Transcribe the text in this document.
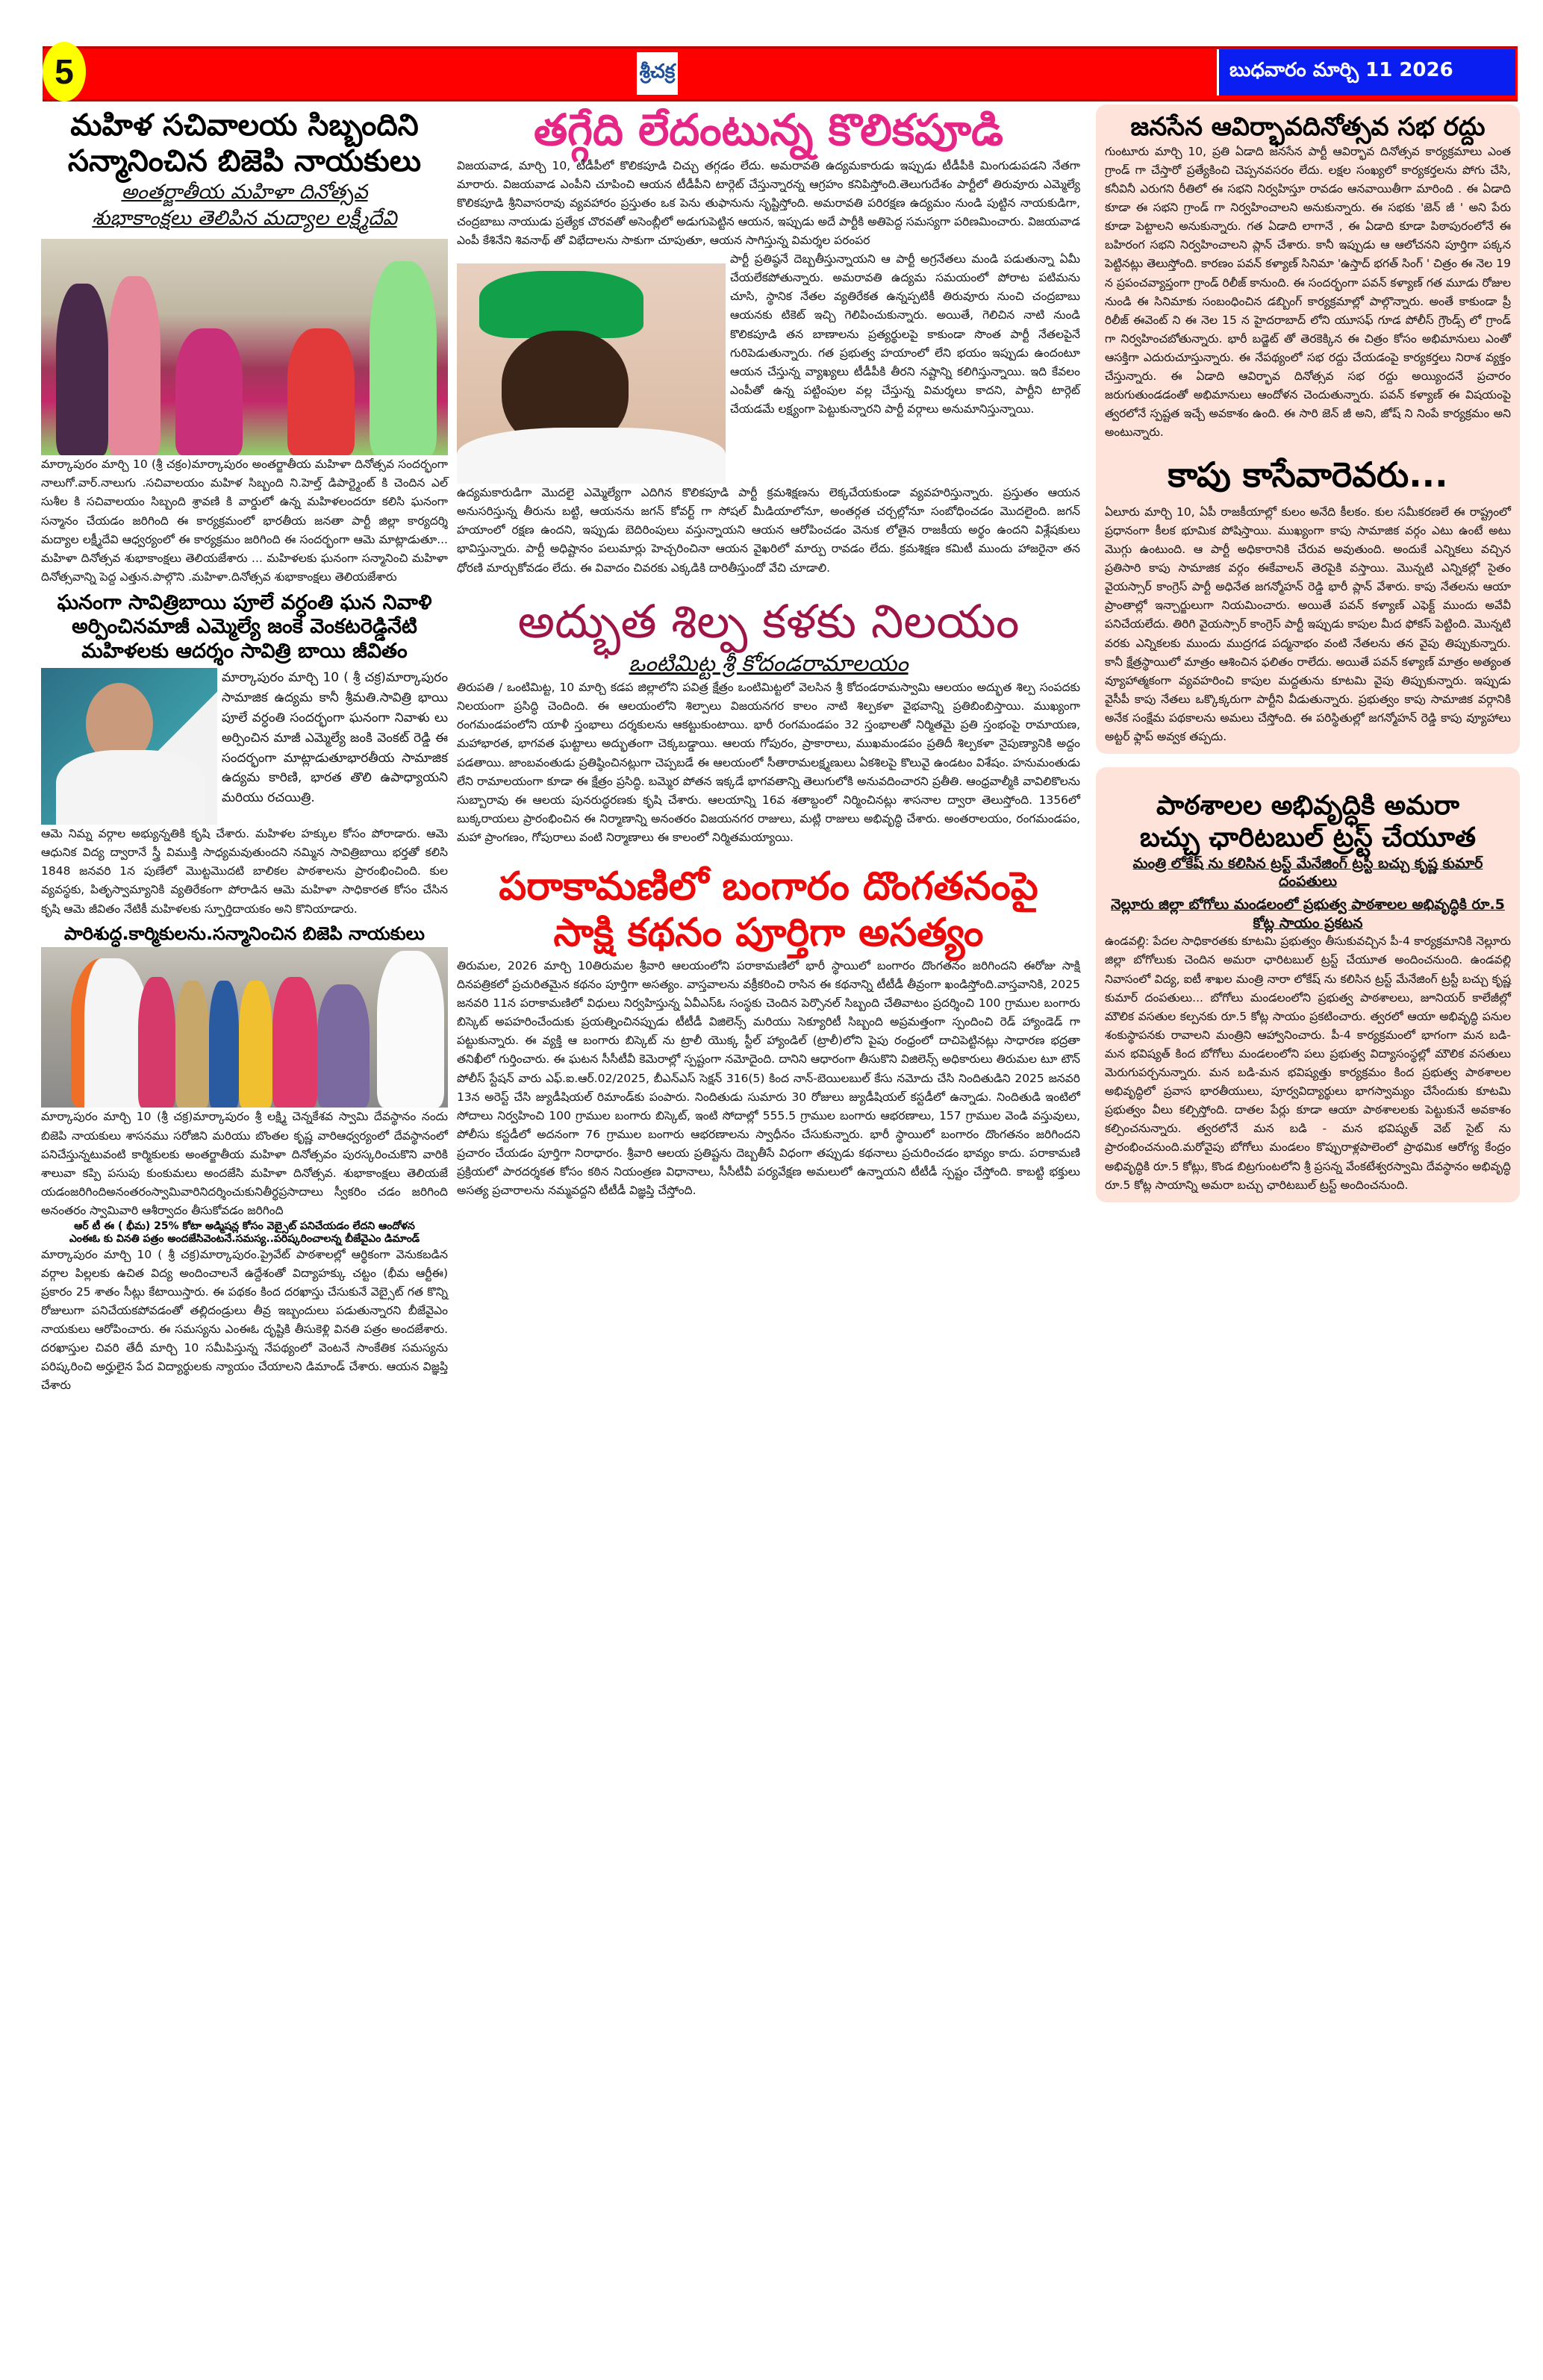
5	శ్రీచక్ర	బుధవారం మార్చి 11 2026
మహిళ సచివాలయ సిబ్బందిని
సన్మానించిన బిజెపి నాయకులు
అంతర్జాతీయ మహిళా దినోత్సవ
శుభాకాంక్షలు తెలిపిన మద్యాల లక్ష్మీదేవి
మార్కాపురం మార్చి 10 (శ్రీ చక్రం)మార్కాపురం అంతర్జాతీయ మహిళా దినోత్సవ సందర్భంగా నాలుగో.వార్.నాలుగు .సచివాలయం మహిళ సిబ్బంది ని.హెల్త్ డిపార్ట్మెంట్ కి చెందిన ఎల్ సుశీల కి సచివాలయం సిబ్బంది శ్రావణి కి వార్డులో ఉన్న మహిళలందరూ కలిసి ఘనంగా సన్మానం చేయడం జరిగింది ఈ కార్యక్రమంలో భారతీయ జనతా పార్టీ జిల్లా కార్యదర్శి మద్యాల లక్ష్మీదేవి ఆధ్వర్యంలో ఈ కార్యక్రమం జరిగింది ఈ సందర్భంగా ఆమె మాట్లాడుతూ... మహిళా దినోత్సవ శుభాకాంక్షలు తెలియజేశారు ... మహిళలకు ఘనంగా సన్మానించి మహిళా దినోత్సవాన్ని పెద్ద ఎత్తున.పాల్గొని .మహిళా.దినోత్సవ శుభాకాంక్షలు తెలియజేశారు
ఘనంగా సావిత్రిబాయి పూలే వర్ధంతి ఘన నివాళి
అర్పించినమాజీ ఎమ్మెల్యే జంకె వెంకటరెడ్డినేటి
మహిళలకు ఆదర్శం సావిత్రి బాయి జీవితం
మార్కాపురం మార్చి 10 ( శ్రీ చక్ర)మార్కాపురం సామాజిక ఉద్యమ కానీ శ్రీమతి.సావిత్రి భాయి పూలే వర్ధంతి సందర్భంగా ఘనంగా నివాళు లు అర్పించిన మాజీ ఎమ్మెల్యే జంకి వెంకట్ రెడ్డి ఈ సందర్భంగా మాట్లాడుతూభారతీయ సామాజిక ఉద్యమ కారిణి, భారత తొలి ఉపాధ్యాయని మరియు రచయిత్రి.
ఆమె నిమ్న వర్గాల అభ్యున్నతికి కృషి చేశారు. మహిళల హక్కుల కోసం పోరాడారు. ఆమె ఆధునిక విద్య ద్వారానే స్త్రీ విముక్తి సాధ్యమవుతుందని నమ్మిన సావిత్రిబాయి భర్తతో కలిసి 1848 జనవరి 1న పుణేలో మొట్టమొదటి బాలికల పాఠశాలను ప్రారంభించింది. కుల వ్యవస్థకు, పితృస్వామ్యానికి వ్యతిరేకంగా పోరాడిన ఆమె మహిళా సాధికారత కోసం చేసిన కృషి ఆమె జీవితం నేటికీ మహిళలకు స్ఫూర్తిదాయకం అని కొనియాడారు.
పారిశుద్ధ.కార్మికులను.సన్మానించిన బిజెపి నాయకులు
మార్కాపురం మార్చి 10 (శ్రీ చక్ర)మార్కాపురం శ్రీ లక్ష్మి చెన్నకేశవ స్వామి దేవస్థానం నందు బిజెపి నాయకులు శాసనము సరోజిని మరియు బొంతల కృష్ణ వారిఆధ్వర్యంలో దేవస్థానంలో పనిచేస్తున్నటువంటి కార్మికులకు అంతర్జాతీయ మహిళా దినోత్సవం పురస్కరించుకొని వారికి శాలువా కప్పి పసుపు కుంకుమలు అందజేసి మహిళా దినోత్సవ. శుభాకాంక్షలు తెలియజే యడంజరిగిందిఅనంతరంస్వామివారినిదర్శించుకునితీర్థప్రసాదాలు స్వీకరిం చడం జరిగింది అనంతరం స్వామివారి ఆశీర్వాదం తీసుకోవడం జరిగింది
ఆర్ టీ ఈ ( భీమ) 25% కోటా అడ్మిషన్ల కోసం వెబ్సైట్ పనిచేయడం లేదని ఆందోళన
ఎంఈఓ కు వినతి పత్రం అందజేసివెంటనే.సమస్య..పరిష్కరించాలన్న బీజేవైఎం డిమాండ్
మార్కాపురం మార్చి 10 ( శ్రీ చక్ర)మార్కాపురం.ప్రైవేట్ పాఠశాలల్లో ఆర్థికంగా వెనుకబడిన వర్గాల పిల్లలకు ఉచిత విద్య అందించాలనే ఉద్దేశంతో విద్యాహక్కు చట్టం (భీమ ఆర్టీఈ) ప్రకారం 25 శాతం సీట్లు కేటాయిస్తారు. ఈ పథకం కింద దరఖాస్తు చేసుకునే వెబ్సైట్ గత కొన్ని రోజులుగా పనిచేయకపోవడంతో తల్లిదండ్రులు తీవ్ర ఇబ్బందులు పడుతున్నారని బీజేవైఎం నాయకులు ఆరోపించారు. ఈ సమస్యను ఎంఈఓ దృష్టికి తీసుకెళ్లి వినతి పత్రం అందజేశారు. దరఖాస్తుల చివరి తేదీ మార్చి 10 సమీపిస్తున్న నేపథ్యంలో వెంటనే సాంకేతిక సమస్యను పరిష్కరించి అర్హులైన పేద విద్యార్థులకు న్యాయం చేయాలని డిమాండ్ చేశారు. ఆయన విజ్ఞప్తి చేశారు
తగ్గేది లేదంటున్న కొలికపూడి
విజయవాడ, మార్చి 10, టీడీపీలో కొలికపూడి చిచ్చు తగ్గడం లేదు. అమరావతి ఉద్యమకారుడు ఇప్పుడు టీడీపీకి మింగుడుపడని నేతగా మారారు. విజయవాడ ఎంపీని చూపించి ఆయన టీడీపీని టార్గెట్ చేస్తున్నారన్న ఆగ్రహం కనిపిస్తోంది.తెలుగుదేశం పార్టీలో తిరువూరు ఎమ్మెల్యే కొలికపూడి శ్రీనివాసరావు వ్యవహారం ప్రస్తుతం ఒక పెను తుఫానును సృష్టిస్తోంది. అమరావతి పరిరక్షణ ఉద్యమం నుండి పుట్టిన నాయకుడిగా, చంద్రబాబు నాయుడు ప్రత్యేక చొరవతో అసెంబ్లీలో అడుగుపెట్టిన ఆయన, ఇప్పుడు అదే పార్టీకి అతిపెద్ద సమస్యగా పరిణమించారు. విజయవాడ ఎంపీ కేశినేని శివనాథ్ తో విభేదాలను సాకుగా చూపుతూ, ఆయన సాగిస్తున్న విమర్శల పరంపర
పార్టీ ప్రతిష్ఠనే దెబ్బతీస్తున్నాయని ఆ పార్టీ అగ్రనేతలు మండి పడుతున్నా ఏమీ చేయలేకపోతున్నారు. అమరావతి ఉద్యమ సమయంలో పోరాట పటిమను చూసి, స్థానిక నేతల వ్యతిరేకత ఉన్నప్పటికీ తిరువూరు నుంచి చంద్రబాబు ఆయనకు టికెట్ ఇచ్చి గెలిపించుకున్నారు. అయితే, గెలిచిన నాటి నుండి కొలికపూడి తన బాణాలను ప్రత్యర్థులపై కాకుండా సొంత పార్టీ నేతలపైనే గురిపెడుతున్నారు. గత ప్రభుత్వ హయాంలో లేని భయం ఇప్పుడు ఉందంటూ ఆయన చేస్తున్న వ్యాఖ్యలు టీడీపీకి తీరని నష్టాన్ని కలిగిస్తున్నాయి. ఇది కేవలం ఎంపీతో ఉన్న పట్టింపుల వల్ల చేస్తున్న విమర్శలు కాదని, పార్టీని టార్గెట్ చేయడమే లక్ష్యంగా పెట్టుకున్నారని పార్టీ వర్గాలు అనుమానిస్తున్నాయి.
ఉద్యమకారుడిగా మొదలై ఎమ్మెల్యేగా ఎదిగిన కొలికపూడి పార్టీ క్రమశిక్షణను లెక్కచేయకుండా వ్యవహరిస్తున్నారు. ప్రస్తుతం ఆయన అనుసరిస్తున్న తీరును బట్టి, ఆయనను జగన్ కోవర్ట్ గా సోషల్ మీడియాలోనూ, అంతర్గత చర్చల్లోనూ సంబోధించడం మొదలైంది. జగన్ హయాంలో రక్షణ ఉందని, ఇప్పుడు బెదిరింపులు వస్తున్నాయని ఆయన ఆరోపించడం వెనుక లోతైన రాజకీయ అర్థం ఉందని విశ్లేషకులు భావిస్తున్నారు. పార్టీ అధిష్టానం పలుమార్లు హెచ్చరించినా ఆయన వైఖరిలో మార్పు రావడం లేదు. క్రమశిక్షణ కమిటీ ముందు హాజరైనా తన ధోరణి మార్చుకోవడం లేదు. ఈ వివాదం చివరకు ఎక్కడికి దారితీస్తుందో వేచి చూడాలి.
అద్భుత శిల్ప కళకు నిలయం
ఒంటిమిట్ట శ్రీ కోదండరామాలయం
తిరుపతి / ఒంటిమిట్ట, 10 మార్చి కడప జిల్లాలోని పవిత్ర క్షేత్రం ఒంటిమిట్టలో వెలసిన శ్రీ కోదండరామస్వామి ఆలయం అద్భుత శిల్ప సంపదకు నిలయంగా ప్రసిద్ధి చెందింది. ఈ ఆలయంలోని శిల్పాలు విజయనగర కాలం నాటి శిల్పకళా వైభవాన్ని ప్రతిబింబిస్తాయి. ముఖ్యంగా రంగమండపంలోని యాళీ స్తంభాలు దర్శకులను ఆకట్టుకుంటాయి. భారీ రంగమండపం 32 స్తంభాలతో నిర్మితమై ప్రతి స్తంభంపై రామాయణ, మహాభారత, భాగవత ఘట్టాలు అద్భుతంగా చెక్కబడ్డాయి. ఆలయ గోపురం, ప్రాకారాలు, ముఖమండపం ప్రతిదీ శిల్పకళా నైపుణ్యానికి అద్దం పడతాయి. జాంబవంతుడు ప్రతిష్ఠించినట్లుగా చెప్పబడే ఈ ఆలయంలో సీతారామలక్ష్మణులు ఏకశిలపై కొలువై ఉండటం విశేషం. హనుమంతుడు లేని రామాలయంగా కూడా ఈ క్షేత్రం ప్రసిద్ధి. బమ్మెర పోతన ఇక్కడే భాగవతాన్ని తెలుగులోకి అనువదించారని ప్రతీతి. ఆంధ్రవాల్మీకి వావిలికొలను సుబ్బారావు ఈ ఆలయ పునరుద్ధరణకు కృషి చేశారు. ఆలయాన్ని 16వ శతాబ్దంలో నిర్మించినట్లు శాసనాల ద్వారా తెలుస్తోంది. 1356లో బుక్కరాయలు ప్రారంభించిన ఈ నిర్మాణాన్ని అనంతరం విజయనగర రాజులు, మట్లి రాజులు అభివృద్ధి చేశారు. అంతరాలయం, రంగమండపం, మహా ప్రాంగణం, గోపురాలు వంటి నిర్మాణాలు ఈ కాలంలో నిర్మితమయ్యాయి.
పరాకామణిలో బంగారం దొంగతనంపై
సాక్షి కథనం పూర్తిగా అసత్యం
తిరుమల, 2026 మార్చి 10తిరుమల శ్రీవారి ఆలయంలోని పరాకామణిలో భారీ స్థాయిలో బంగారం దొంగతనం జరిగిందని ఈరోజు సాక్షి దినపత్రికలో ప్రచురితమైన కథనం పూర్తిగా అసత్యం. వాస్తవాలను వక్రీకరించి రాసిన ఈ కథనాన్ని టీటీడీ తీవ్రంగా ఖండిస్తోంది.వాస్తవానికి, 2025 జనవరి 11న పరాకామణిలో విధులు నిర్వహిస్తున్న ఏవీఎస్ఓ సంస్థకు చెందిన పెర్సొనల్ సిబ్బంది చేతివాటం ప్రదర్శించి 100 గ్రాముల బంగారు బిస్కెట్ అపహరించేందుకు ప్రయత్నించినప్పుడు టీటీడీ విజిలెన్స్ మరియు సెక్యూరిటీ సిబ్బంది అప్రమత్తంగా స్పందించి రెడ్ హ్యాండెడ్ గా పట్టుకున్నారు. ఈ వ్యక్తి ఆ బంగారు బిస్కెట్ ను ట్రాలీ యొక్క స్టీల్ హ్యాండిల్ (ట్రాలీ)లోని పైపు రంధ్రంలో దాచిపెట్టినట్లు సాధారణ భద్రతా తనిఖీలో గుర్తించారు. ఈ ఘటన సీసీటీవీ కెమెరాల్లో స్పష్టంగా నమోదైంది. దానిని ఆధారంగా తీసుకొని విజిలెన్స్ అధికారులు తిరుమల టూ టౌన్ పోలీస్ స్టేషన్ వారు ఎఫ్.ఐ.ఆర్.02/2025, బీఎన్ఎస్ సెక్షన్ 316(5) కింద నాన్-బెయిలబుల్ కేసు నమోదు చేసి నిందితుడిని 2025 జనవరి 13న అరెస్ట్ చేసి జ్యుడీషియల్ రిమాండ్‌కు పంపారు. నిందితుడు సుమారు 30 రోజులు జ్యుడీషియల్ కస్టడీలో ఉన్నాడు. నిందితుడి ఇంటిలో సోదాలు నిర్వహించి 100 గ్రాముల బంగారు బిస్కెట్, ఇంటి సోదాల్లో 555.5 గ్రాముల బంగారు ఆభరణాలు, 157 గ్రాముల వెండి వస్తువులు, పోలీసు కస్టడీలో అదనంగా 76 గ్రాముల బంగారు ఆభరణాలను స్వాధీనం చేసుకున్నారు. భారీ స్థాయిలో బంగారం దొంగతనం జరిగిందని ప్రచారం చేయడం పూర్తిగా నిరాధారం. శ్రీవారి ఆలయ ప్రతిష్టను దెబ్బతీసే విధంగా తప్పుడు కథనాలు ప్రచురించడం భావ్యం కాదు. పరాకామణి ప్రక్రియలో పారదర్శకత కోసం కఠిన నియంత్రణ విధానాలు, సీసీటీవీ పర్యవేక్షణ అమలులో ఉన్నాయని టీటీడీ స్పష్టం చేస్తోంది. కాబట్టి భక్తులు అసత్య ప్రచారాలను నమ్మవద్దని టీటీడీ విజ్ఞప్తి చేస్తోంది.
జనసేన ఆవిర్భావదినోత్సవ సభ రద్దు
గుంటూరు మార్చి 10, ప్రతి ఏడాది జనసేన పార్టీ ఆవిర్భావ దినోత్సవ కార్యక్రమాలు ఎంత గ్రాండ్ గా చేస్తారో ప్రత్యేకించి చెప్పనవసరం లేదు. లక్షల సంఖ్యలో కార్యకర్తలను పోగు చేసి, కనీవినీ ఎరుగని రీతిలో ఈ సభని నిర్వహిస్తూ రావడం ఆనవాయితీగా మారింది . ఈ ఏడాది కూడా ఈ సభని గ్రాండ్ గా నిర్వహించాలని అనుకున్నారు. ఈ సభకు 'జెన్ జీ ' అని పేరు కూడా పెట్టాలని అనుకున్నారు. గత ఏడాది లాగానే , ఈ ఏడాది కూడా పిఠాపురంలోనే ఈ బహిరంగ సభని నిర్వహించాలని ప్లాన్ చేశారు. కానీ ఇప్పుడు ఆ ఆలోచనని పూర్తిగా పక్కన పెట్టినట్లు తెలుస్తోంది. కారణం పవన్ కళ్యాణ్ సినిమా 'ఉస్తాద్ భగత్ సింగ్ ' చిత్రం ఈ నెల 19 న ప్రపంచవ్యాప్తంగా గ్రాండ్ రిలీజ్ కానుంది. ఈ సందర్భంగా పవన్ కళ్యాణ్ గత మూడు రోజుల నుండి ఈ సినిమాకు సంబంధించిన డబ్బింగ్ కార్యక్రమాల్లో పాల్గొన్నారు. అంతే కాకుండా ప్రీ రిలీజ్ ఈవెంట్ ని ఈ నెల 15 న హైదరాబాద్ లోని యూసఫ్ గూడ పోలీస్ గ్రౌండ్స్ లో గ్రాండ్ గా నిర్వహించబోతున్నారు. భారీ బడ్జెట్ తో తెరకెక్కిన ఈ చిత్రం కోసం అభిమానులు ఎంతో ఆసక్తిగా ఎదురుచూస్తున్నారు. ఈ నేపథ్యంలో సభ రద్దు చేయడంపై కార్యకర్తలు నిరాశ వ్యక్తం చేస్తున్నారు. ఈ ఏడాది ఆవిర్భావ దినోత్సవ సభ రద్దు అయ్యిందనే ప్రచారం జరుగుతుండడంతో అభిమానులు ఆందోళన చెందుతున్నారు. పవన్ కళ్యాణ్ ఈ విషయంపై త్వరలోనే స్పష్టత ఇచ్చే అవకాశం ఉంది. ఈ సారి జెన్ జీ అని, జోష్ ని నింపే కార్యక్రమం అని అంటున్నారు.
కాపు కాసేవారెవరు...
ఏలూరు మార్చి 10, ఏపీ రాజకీయాల్లో కులం అనేది కీలకం. కుల సమీకరణలే ఈ రాష్ట్రంలో ప్రధానంగా కీలక భూమిక పోషిస్తాయి. ముఖ్యంగా కాపు సామాజిక వర్గం ఎటు ఉంటే అటు మొగ్గు ఉంటుంది. ఆ పార్టీ అధికారానికి చేరువ అవుతుంది. అందుకే ఎన్నికలు వచ్చిన ప్రతిసారి కాపు సామాజిక వర్గం ఈకేవాలన్ తెరపైకి వస్తాయి. మొన్నటి ఎన్నికల్లో సైతం వైయస్సార్ కాంగ్రెస్ పార్టీ అధినేత జగన్మోహన్ రెడ్డి భారీ ప్లాన్ వేశారు. కాపు నేతలను ఆయా ప్రాంతాల్లో ఇన్చార్జులుగా నియమించారు. అయితే పవన్ కళ్యాణ్ ఎఫెక్ట్ ముందు అవేవీ పనిచేయలేదు. తిరిగి వైయస్సార్ కాంగ్రెస్ పార్టీ ఇప్పుడు కాపుల మీద ఫోకస్ పెట్టింది. మొన్నటి వరకు ఎన్నికలకు ముందు ముద్రగడ పద్మనాభం వంటి నేతలను తన వైపు తిప్పుకున్నారు. కానీ క్షేత్రస్థాయిలో మాత్రం ఆశించిన ఫలితం రాలేదు. అయితే పవన్ కళ్యాణ్ మాత్రం అత్యంత వ్యూహాత్మకంగా వ్యవహరించి కాపుల మద్దతును కూటమి వైపు తిప్పుకున్నారు. ఇప్పుడు వైసీపీ కాపు నేతలు ఒక్కొక్కరుగా పార్టీని వీడుతున్నారు. ప్రభుత్వం కాపు సామాజిక వర్గానికి అనేక సంక్షేమ పథకాలను అమలు చేస్తోంది. ఈ పరిస్థితుల్లో జగన్మోహన్ రెడ్డి కాపు వ్యూహాలు అట్టర్ ఫ్లాప్ అవ్వక తప్పదు.
పాఠశాలల అభివృద్ధికి అమరా
బచ్చు ఛారిటబుల్ ట్రస్ట్ చేయూత
మంత్రి లోకేష్ ను కలిసిన ట్రస్ట్ మేనేజింగ్ ట్రస్టీ బచ్చు కృష్ణ కుమార్ దంపతులు
నెల్లూరు జిల్లా బోగోలు మండలంలో ప్రభుత్వ పాఠశాలల అభివృద్ధికి రూ.5 కోట్ల సాయం ప్రకటన
ఉండవల్లి: పేదల సాధికారతకు కూటమి ప్రభుత్వం తీసుకువచ్చిన పీ-4 కార్యక్రమానికి నెల్లూరు జిల్లా బోగోలుకు చెందిన అమరా ఛారిటబుల్ ట్రస్ట్ చేయూత అందించనుంది. ఉండవల్లి నివాసంలో విద్య, ఐటీ శాఖల మంత్రి నారా లోకేష్ ను కలిసిన ట్రస్ట్ మేనేజింగ్ ట్రస్టీ బచ్చు కృష్ణ కుమార్ దంపతులు... బోగోలు మండలంలోని ప్రభుత్వ పాఠశాలలు, జూనియర్ కాలేజీల్లో మౌలిక వసతుల కల్పనకు రూ.5 కోట్ల సాయం ప్రకటించారు. త్వరలో ఆయా అభివృద్ధి పనుల శంకుస్థాపనకు రావాలని మంత్రిని ఆహ్వానించారు. పీ-4 కార్యక్రమంలో భాగంగా మన బడి-మన భవిష్యత్ కింద బోగోలు మండలంలోని పలు ప్రభుత్వ విద్యాసంస్థల్లో మౌలిక వసతులు మెరుగుపర్చనున్నారు. మన బడి-మన భవిష్యత్తు కార్యక్రమం కింద ప్రభుత్వ పాఠశాలల అభివృద్ధిలో ప్రవాస భారతీయులు, పూర్వవిద్యార్థులు భాగస్వామ్యం చేసేందుకు కూటమి ప్రభుత్వం వీలు కల్పిస్తోంది. దాతల పేర్లు కూడా ఆయా పాఠశాలలకు పెట్టుకునే అవకాశం కల్పించనున్నారు. త్వరలోనే మన బడి - మన భవిష్యత్ వెబ్ సైట్ ను ప్రారంభించనుంది.మరోవైపు బోగోలు మండలం కొప్పురాళ్లపాలెంలో ప్రాథమిక ఆరోగ్య కేంద్రం అభివృద్ధికి రూ.5 కోట్లు, కొండ బిట్రగుంటలోని శ్రీ ప్రసన్న వేంకటేశ్వరస్వామి దేవస్థానం అభివృద్ధి రూ.5 కోట్ల సాయాన్ని అమరా బచ్చు ఛారిటబుల్ ట్రస్ట్ అందించనుంది.
